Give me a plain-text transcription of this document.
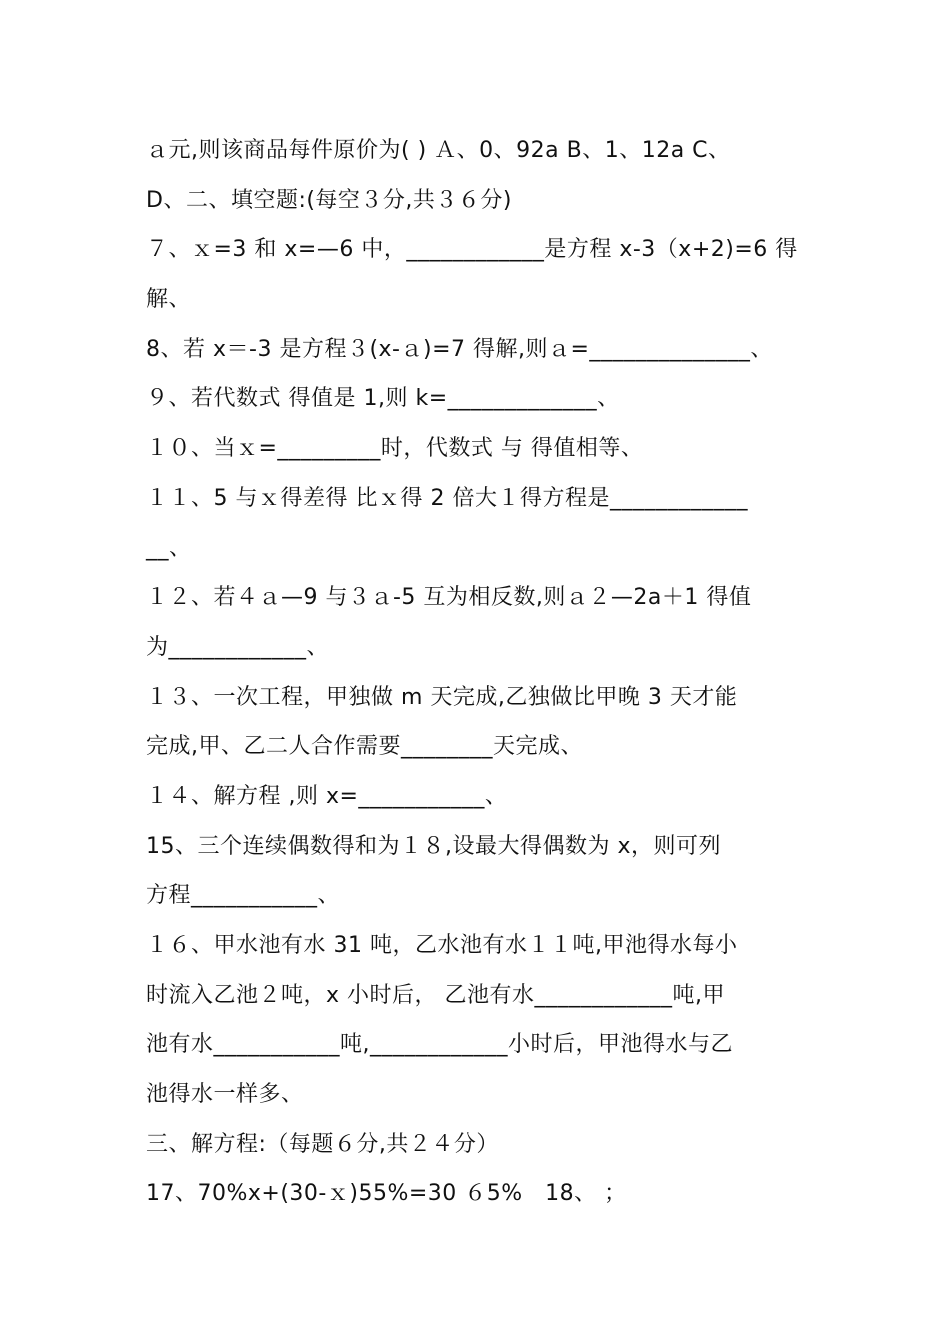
ａ元,则该商品每件原价为( ) Ａ、0、92a B、1、12a C、
D、二、填空题:(每空３分,共３６分)
７、ｘ=3 和 x=—6 中，____________是方程 x-3（x+2)=6 得
解、
8、若 x＝-3 是方程３(x-ａ)=7 得解,则ａ=______________、
９、若代数式 得值是 1,则 k=_____________、
１０、当ｘ=_________时，代数式 与 得值相等、
１１、5 与ｘ得差得 比ｘ得 2 倍大１得方程是____________
__、
１２、若４ａ—9 与３ａ-5 互为相反数,则ａ２—2a＋1 得值
为____________、
１３、一次工程，甲独做 m 天完成,乙独做比甲晚 3 天才能
完成,甲、乙二人合作需要________天完成、
１４、解方程 ,则 x=___________、
15、三个连续偶数得和为１８,设最大得偶数为 x，则可列
方程___________、
１６、甲水池有水 31 吨，乙水池有水１１吨,甲池得水每小
时流入乙池２吨，x 小时后， 乙池有水____________吨,甲
池有水___________吨,____________小时后，甲池得水与乙
池得水一样多、
三、解方程:（每题６分,共２４分）
17、70%x+(30-ｘ)55%=30 ６5%　18、 ；
